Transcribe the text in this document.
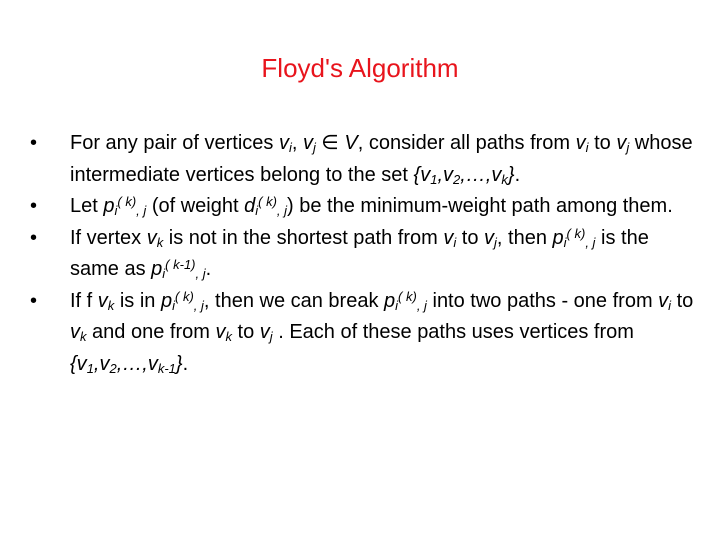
Floyd's Algorithm
•	For any pair of vertices $v_i$, $v_j$ ∈ V, consider all paths from $v_i$ to $v_j$ whose intermediate vertices belong to the set $\{v_1,v_2,\dots,v_k\}$.
•	Let $p_i^{( k)}_{, j}$ (of weight $d_i^{( k)}_{, j}$) be the minimum-weight path among them.
•	If vertex $v_k$ is not in the shortest path from $v_i$ to $v_j$, then $p_i^{( k)}_{, j}$ is the same as $p_i^{( k-1)}_{, j}$.
•	If f $v_k$ is in $p_i^{( k)}_{, j}$, then we can break $p_i^{( k)}_{, j}$ into two paths - one from $v_i$ to $v_k$ and one from $v_k$ to $v_j$ . Each of these paths uses vertices from $\{v_1,v_2,\dots,v_{k-1}\}$.
